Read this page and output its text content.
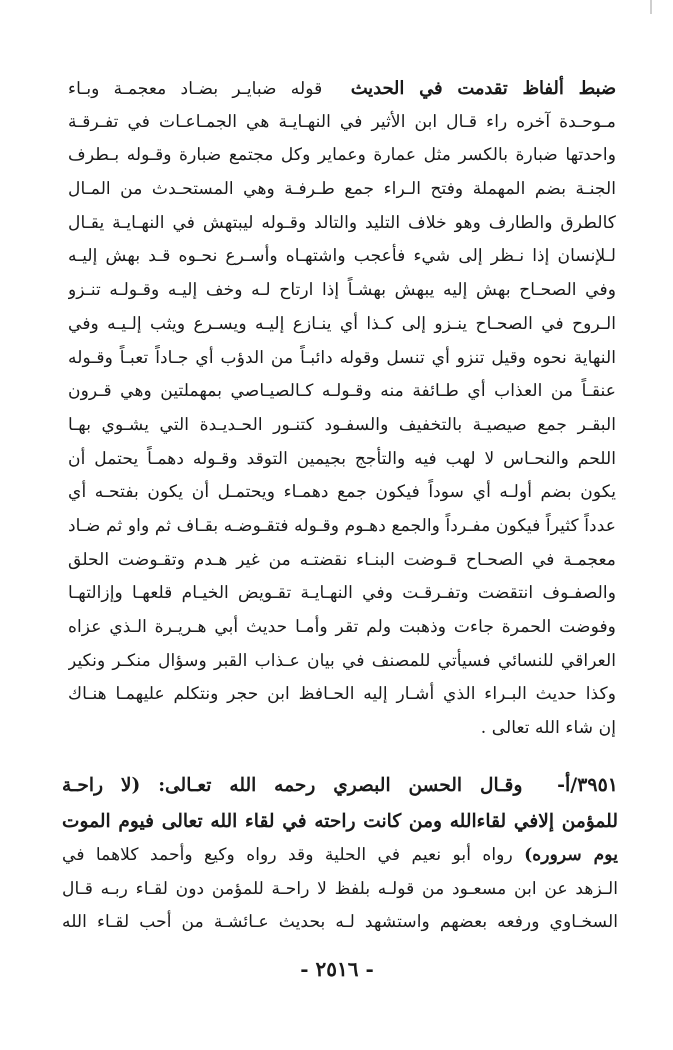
ضبط ألفاظ تقدمت في الحديث  قوله ضبايـر بضـاد معجمـة وبـاء
مـوحـدة آخره راء قـال ابن الأثير في النهـايـة هي الجمـاعـات في تفـرقـة
واحدتها ضبارة بالكسر مثل عمارة وعماير وكل مجتمع ضبارة وقـوله بـطرف
الجنـة بضم المهملة وفتح الـراء جمع طـرفـة وهي المستحـدث من المـال
كالطرق والطارف وهو خلاف التليد والتالد وقـوله ليبتهش في النهـايـة يقـال
لـلإنسان إذا نـظر إلى شيء فأعجب واشتهـاه وأسـرع نحـوه قـد بهش إليـه
وفي الصحـاح بهش إليه يبهش بهشـاً إذا ارتاح لـه وخف إليـه وقـولـه تنـزو
الـروح في الصحـاح ينـزو إلى كـذا أي ينـازع إليـه ويسـرع ويثب إلـيـه وفي
النهاية نحوه وقيل تنزو أي تنسل وقوله دائبـاً من الدؤب أي جـاداً تعبـاً وقـوله
عنقـاً من العذاب أي طـائفة منه وقـولـه كـالصيـاصي بمهملتين وهي قـرون
البقـر جمع صيصيـة بالتخفيف والسفـود كتنـور الحـديـدة التي يشـوي بهـا
اللحم والنحـاس لا لهب فيه والتأجج بجيمين التوقد وقـوله دهمـاً يحتمل أن
يكون بضم أولـه أي سوداً فيكون جمع دهمـاء ويحتمـل أن يكون بفتحـه أي
عدداً كثيراً فيكون مفـرداً والجمع دهـوم وقـوله فتقـوضـه بقـاف ثم واو ثم ضـاد
معجمـة في الصحـاح قـوضت البنـاء نقضتـه من غير هـدم وتقـوضت الحلق
والصفـوف انتقضت وتفـرقـت وفي النهـايـة تقـويض الخيـام قلعهـا وإزالتهـا
وفوضت الحمرة جاءت وذهبت ولم تقر وأمـا حديث أبي هـريـرة الـذي عزاه
العراقي للنسائي فسيأتي للمصنف في بيان عـذاب القبر وسؤال منكـر ونكير
وكذا حديث البـراء الذي أشـار إليه الحـافظ ابن حجر ونتكلم عليهمـا هنـاك
إن شاء الله تعالى .
٣٩٥١/أ-  وقـال الحسن البصري رحمه الله تعـالى: (لا راحـة
للمؤمن إلافي لقاءالله ومن كانت راحته في لقاء الله تعالى فيوم الموت
يوم سروره) رواه أبو نعيم في الحلية وقد رواه وكيع وأحمد كلاهما في
الـزهد عن ابن مسعـود من قولـه بلفظ لا راحـة للمؤمن دون لقـاء ربـه قـال
السخـاوي ورفعه بعضهم واستشهد لـه بحديث عـائشـة من أحب لقـاء الله
- ٢٥١٦ -
